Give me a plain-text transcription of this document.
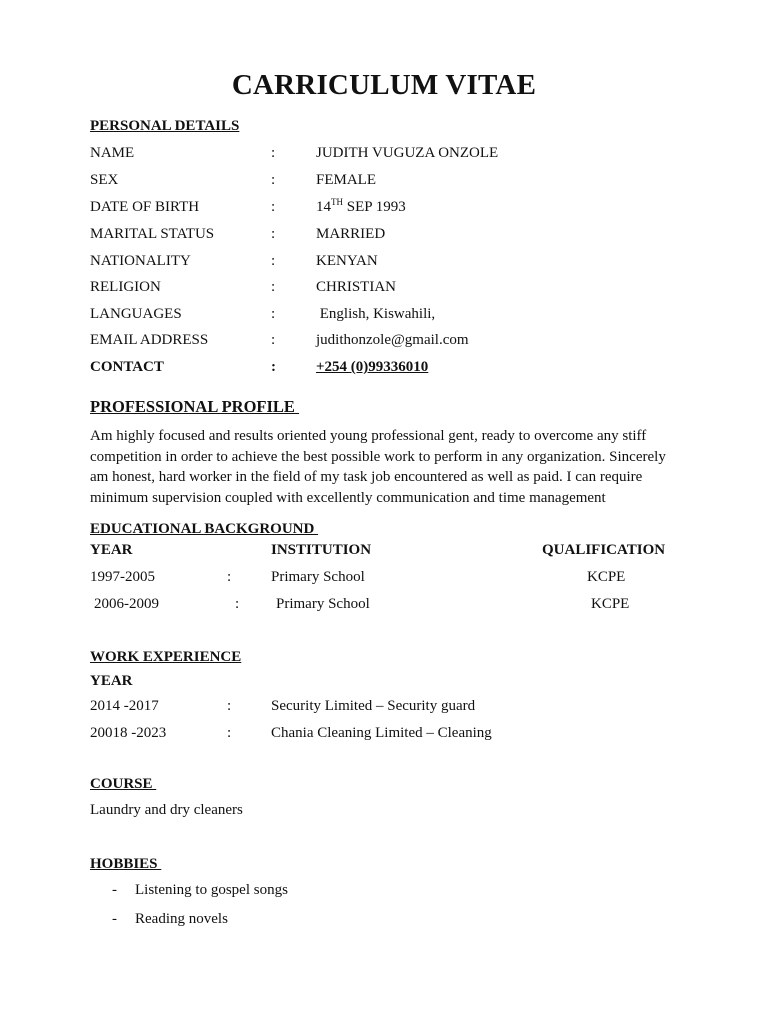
CARRICULUM VITAE
PERSONAL DETAILS
NAME	:	JUDITH VUGUZA ONZOLE
SEX	:	FEMALE
DATE OF BIRTH	:	14TH SEP 1993
MARITAL STATUS	:	MARRIED
NATIONALITY	:	KENYAN
RELIGION	:	CHRISTIAN
LANGUAGES	:	English, Kiswahili,
EMAIL ADDRESS	:	judithonzole@gmail.com
CONTACT	:	+254 (0)99336010
PROFESSIONAL PROFILE
Am highly focused and results oriented young professional gent, ready to overcome any stiff competition in order to achieve the best possible work to perform in any organization. Sincerely am honest, hard worker in the field of my task job encountered as well as paid. I can require minimum supervision coupled with excellently communication and time management
EDUCATIONAL BACKGROUND
YEAR	INSTITUTION	QUALIFICATION
1997-2005	:	Primary School	KCPE
2006-2009	: Primary School	KCPE
WORK EXPERIENCE
YEAR
2014 -2017	:	Security Limited – Security guard
20018 -2023	:	Chania Cleaning Limited – Cleaning
COURSE
Laundry and dry cleaners
HOBBIES
- Listening to gospel songs
- Reading novels
